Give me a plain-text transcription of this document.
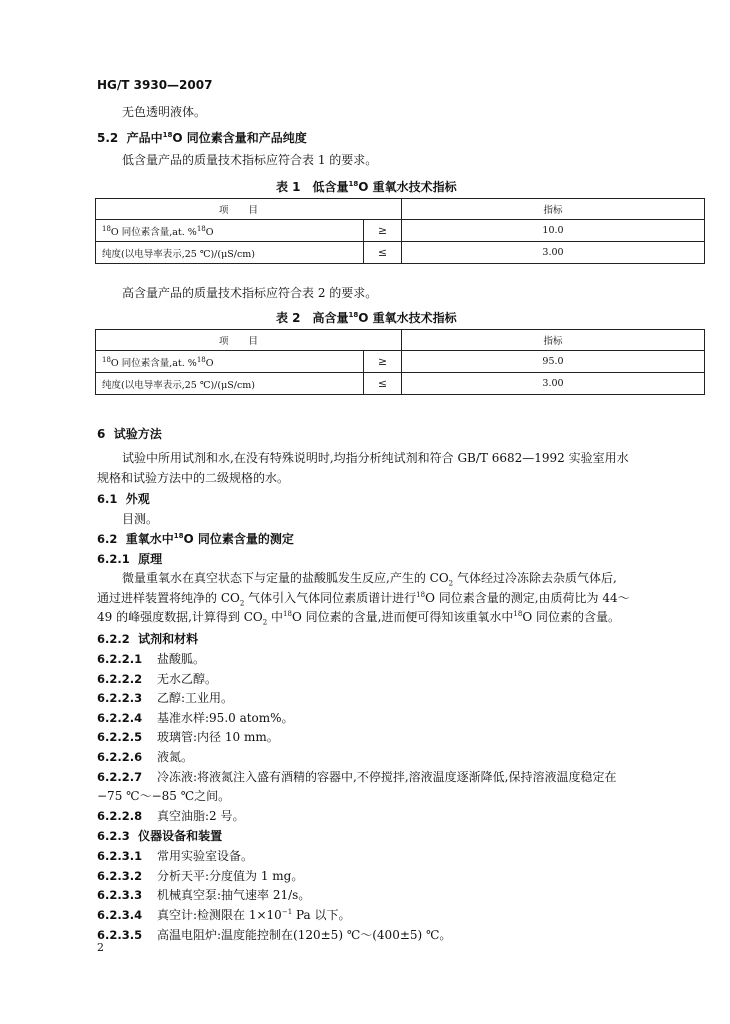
HG/T 3930—2007
无色透明液体。
5.2 产品中$^{18}$O 同位素含量和产品纯度
低含量产品的质量技术指标应符合表 1 的要求。
表 1　低含量$^{18}$O 重氧水技术指标
项目		指标
$^{18}$O 同位素含量,at. %$^{18}$O	≥	10.0
纯度(以电导率表示,25 ℃)/(μS/cm)	≤	3.00
高含量产品的质量技术指标应符合表 2 的要求。
表 2　高含量$^{18}$O 重氧水技术指标
项目		指标
$^{18}$O 同位素含量,at. %$^{18}$O	≥	95.0
纯度(以电导率表示,25 ℃)/(μS/cm)	≤	3.00
6 试验方法
试验中所用试剂和水,在没有特殊说明时,均指分析纯试剂和符合 GB/T 6682—1992 实验室用水
规格和试验方法中的二级规格的水。
6.1 外观
目测。
6.2 重氧水中$^{18}$O 同位素含量的测定
6.2.1 原理
微量重氧水在真空状态下与定量的盐酸胍发生反应,产生的 $CO_2$ 气体经过冷冻除去杂质气体后,
通过进样装置将纯净的 $CO_2$ 气体引入气体同位素质谱计进行$^{18}$O 同位素含量的测定,由质荷比为 44～
49 的峰强度数据,计算得到 $CO_2$ 中$^{18}$O 同位素的含量,进而便可得知该重氧水中$^{18}$O 同位素的含量。
6.2.2 试剂和材料
6.2.2.1 盐酸胍。
6.2.2.2 无水乙醇。
6.2.2.3 乙醇:工业用。
6.2.2.4 基准水样:95.0 atom%。
6.2.2.5 玻璃管:内径 10 mm。
6.2.2.6 液氮。
6.2.2.7 冷冻液:将液氮注入盛有酒精的容器中,不停搅拌,溶液温度逐渐降低,保持溶液温度稳定在
−75 ℃～−85 ℃之间。
6.2.2.8 真空油脂:2 号。
6.2.3 仪器设备和装置
6.2.3.1 常用实验室设备。
6.2.3.2 分析天平:分度值为 1 mg。
6.2.3.3 机械真空泵:抽气速率 21/s。
6.2.3.4 真空计:检测限在 $1\times 10^{-1}$ Pa 以下。
6.2.3.5 高温电阻炉:温度能控制在(120±5) ℃～(400±5) ℃。
2
